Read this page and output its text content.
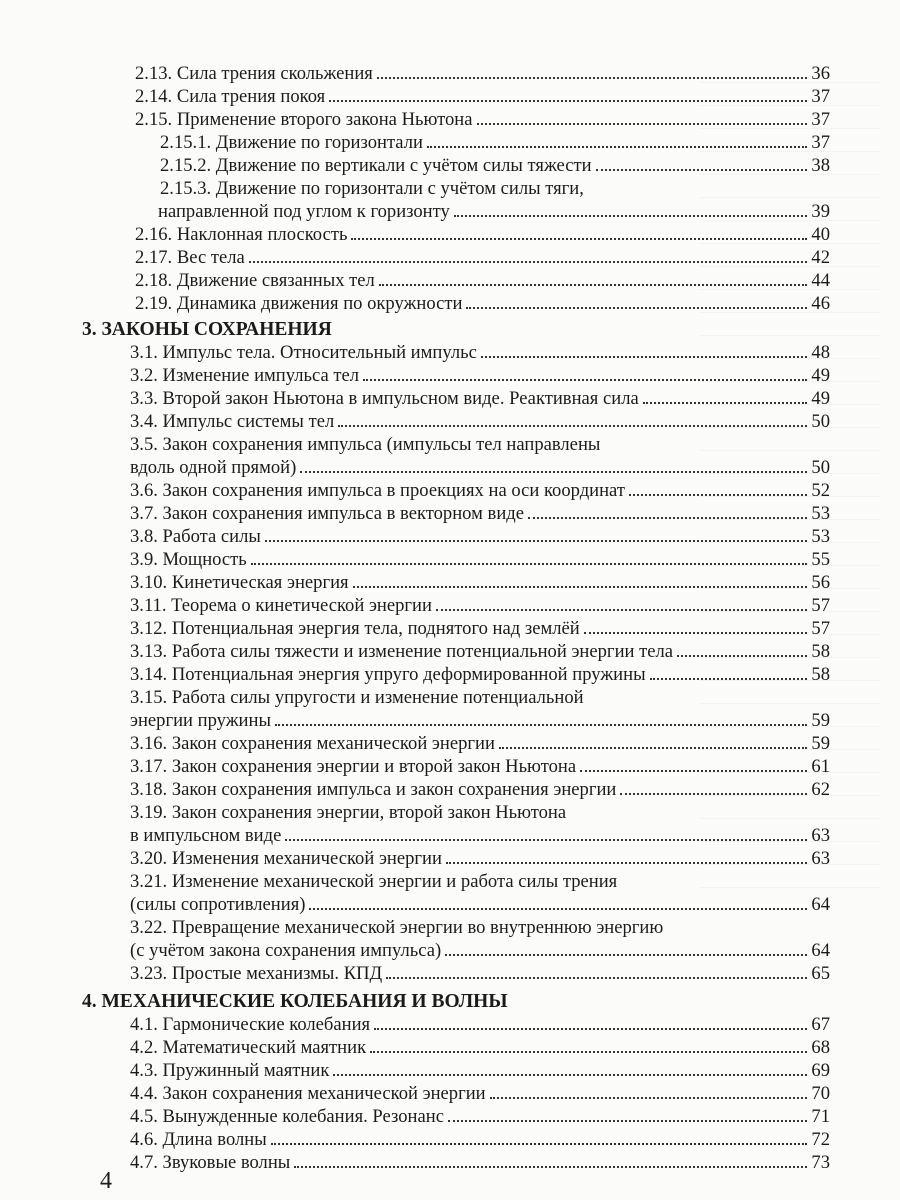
2.13. Сила трения скольжения	36
2.14. Сила трения покоя	37
2.15. Применение второго закона Ньютона	37
2.15.1. Движение по горизонтали	37
2.15.2. Движение по вертикали с учётом силы тяжести	38
2.15.3. Движение по горизонтали с учётом силы тяги,
направленной под углом к горизонту	39
2.16. Наклонная плоскость	40
2.17. Вес тела	42
2.18. Движение связанных тел	44
2.19. Динамика движения по окружности	46
3. ЗАКОНЫ СОХРАНЕНИЯ
3.1. Импульс тела. Относительный импульс	48
3.2. Изменение импульса тел	49
3.3. Второй закон Ньютона в импульсном виде. Реактивная сила	49
3.4. Импульс системы тел	50
3.5. Закон сохранения импульса (импульсы тел направлены
вдоль одной прямой)	50
3.6. Закон сохранения импульса в проекциях на оси координат	52
3.7. Закон сохранения импульса в векторном виде	53
3.8. Работа силы	53
3.9. Мощность	55
3.10. Кинетическая энергия	56
3.11. Теорема о кинетической энергии	57
3.12. Потенциальная энергия тела, поднятого над землёй	57
3.13. Работа силы тяжести и изменение потенциальной энергии тела	58
3.14. Потенциальная энергия упруго деформированной пружины	58
3.15. Работа силы упругости и изменение потенциальной
энергии пружины	59
3.16. Закон сохранения механической энергии	59
3.17. Закон сохранения энергии и второй закон Ньютона	61
3.18. Закон сохранения импульса и закон сохранения энергии	62
3.19. Закон сохранения энергии, второй закон Ньютона
в импульсном виде	63
3.20. Изменения механической энергии	63
3.21. Изменение механической энергии и работа силы трения
(силы сопротивления)	64
3.22. Превращение механической энергии во внутреннюю энергию
(с учётом закона сохранения импульса)	64
3.23. Простые механизмы. КПД	65
4. МЕХАНИЧЕСКИЕ КОЛЕБАНИЯ И ВОЛНЫ
4.1. Гармонические колебания	67
4.2. Математический маятник	68
4.3. Пружинный маятник	69
4.4. Закон сохранения механической энергии	70
4.5. Вынужденные колебания. Резонанс	71
4.6. Длина волны	72
4.7. Звуковые волны	73
4
